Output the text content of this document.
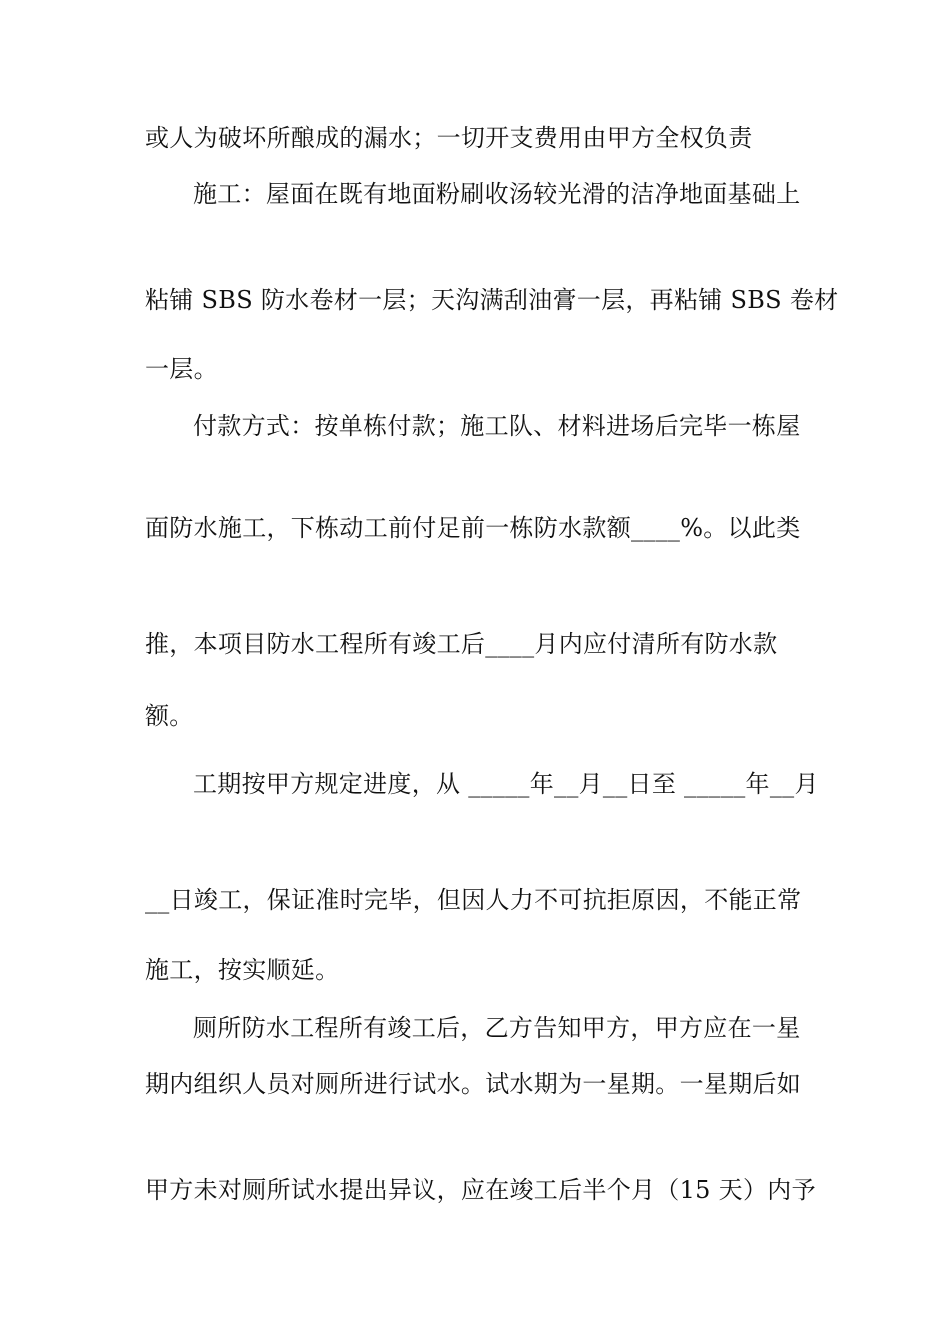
或人为破坏所酿成的漏水；一切开支费用由甲方全权负责
施工：屋面在既有地面粉刷收汤较光滑的洁净地面基础上
粘铺 SBS 防水卷材一层；天沟满刮油膏一层，再粘铺 SBS 卷材
一层。
付款方式：按单栋付款；施工队、材料进场后完毕一栋屋
面防水施工，下栋动工前付足前一栋防水款额____%。以此类
推，本项目防水工程所有竣工后____月内应付清所有防水款
额。
工期按甲方规定进度，从 _____年__月__日至 _____年__月
__日竣工，保证准时完毕，但因人力不可抗拒原因，不能正常
施工，按实顺延。
厕所防水工程所有竣工后，乙方告知甲方，甲方应在一星
期内组织人员对厕所进行试水。试水期为一星期。一星期后如
甲方未对厕所试水提出异议，应在竣工后半个月（15 天）内予
